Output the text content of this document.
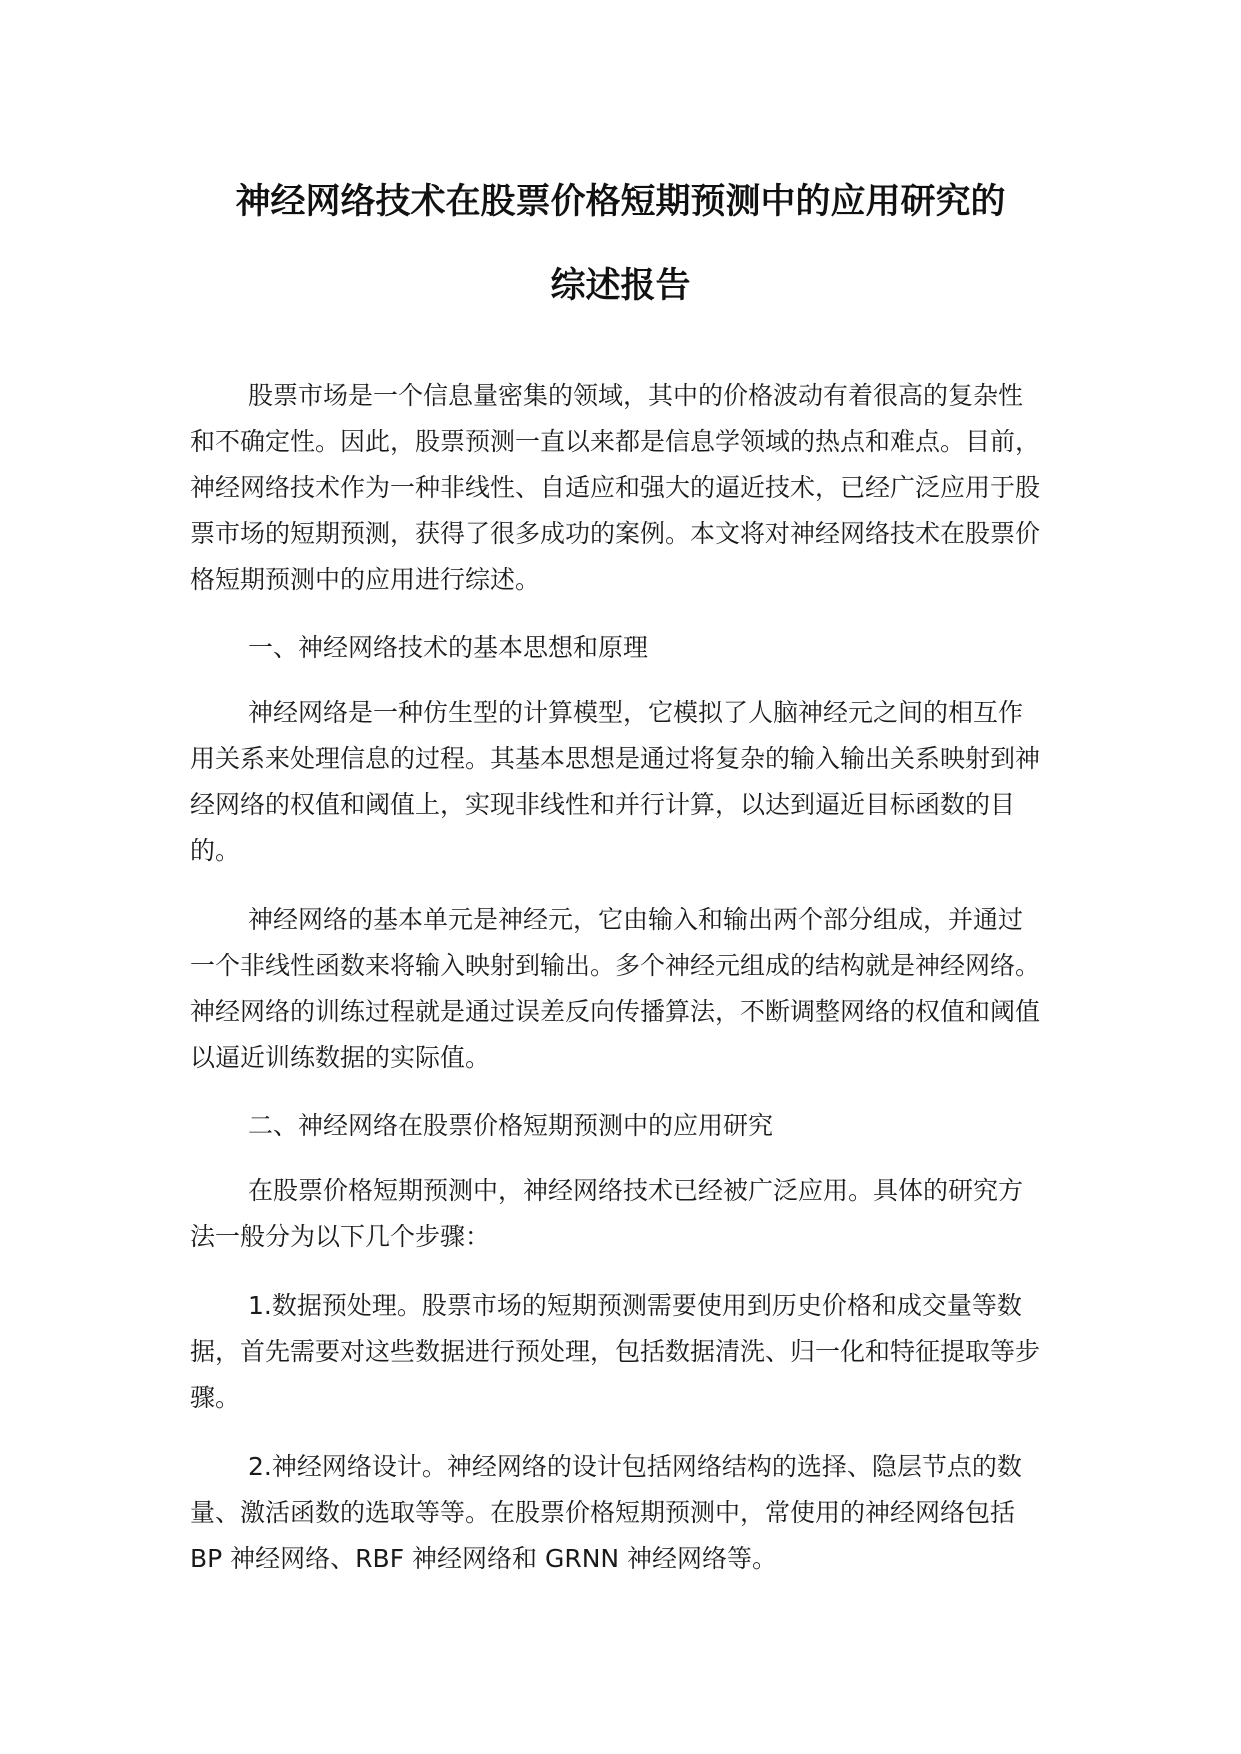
神经网络技术在股票价格短期预测中的应用研究的
综述报告

股票市场是一个信息量密集的领域，其中的价格波动有着很高的复杂性和不确定性。因此，股票预测一直以来都是信息学领域的热点和难点。目前，神经网络技术作为一种非线性、自适应和强大的逼近技术，已经广泛应用于股票市场的短期预测，获得了很多成功的案例。本文将对神经网络技术在股票价格短期预测中的应用进行综述。

一、神经网络技术的基本思想和原理

神经网络是一种仿生型的计算模型，它模拟了人脑神经元之间的相互作用关系来处理信息的过程。其基本思想是通过将复杂的输入输出关系映射到神经网络的权值和阈值上，实现非线性和并行计算，以达到逼近目标函数的目的。

神经网络的基本单元是神经元，它由输入和输出两个部分组成，并通过一个非线性函数来将输入映射到输出。多个神经元组成的结构就是神经网络。神经网络的训练过程就是通过误差反向传播算法，不断调整网络的权值和阈值以逼近训练数据的实际值。

二、神经网络在股票价格短期预测中的应用研究

在股票价格短期预测中，神经网络技术已经被广泛应用。具体的研究方法一般分为以下几个步骤：

1.数据预处理。股票市场的短期预测需要使用到历史价格和成交量等数据，首先需要对这些数据进行预处理，包括数据清洗、归一化和特征提取等步骤。

2.神经网络设计。神经网络的设计包括网络结构的选择、隐层节点的数量、激活函数的选取等等。在股票价格短期预测中，常使用的神经网络包括 BP 神经网络、RBF 神经网络和 GRNN 神经网络等。
